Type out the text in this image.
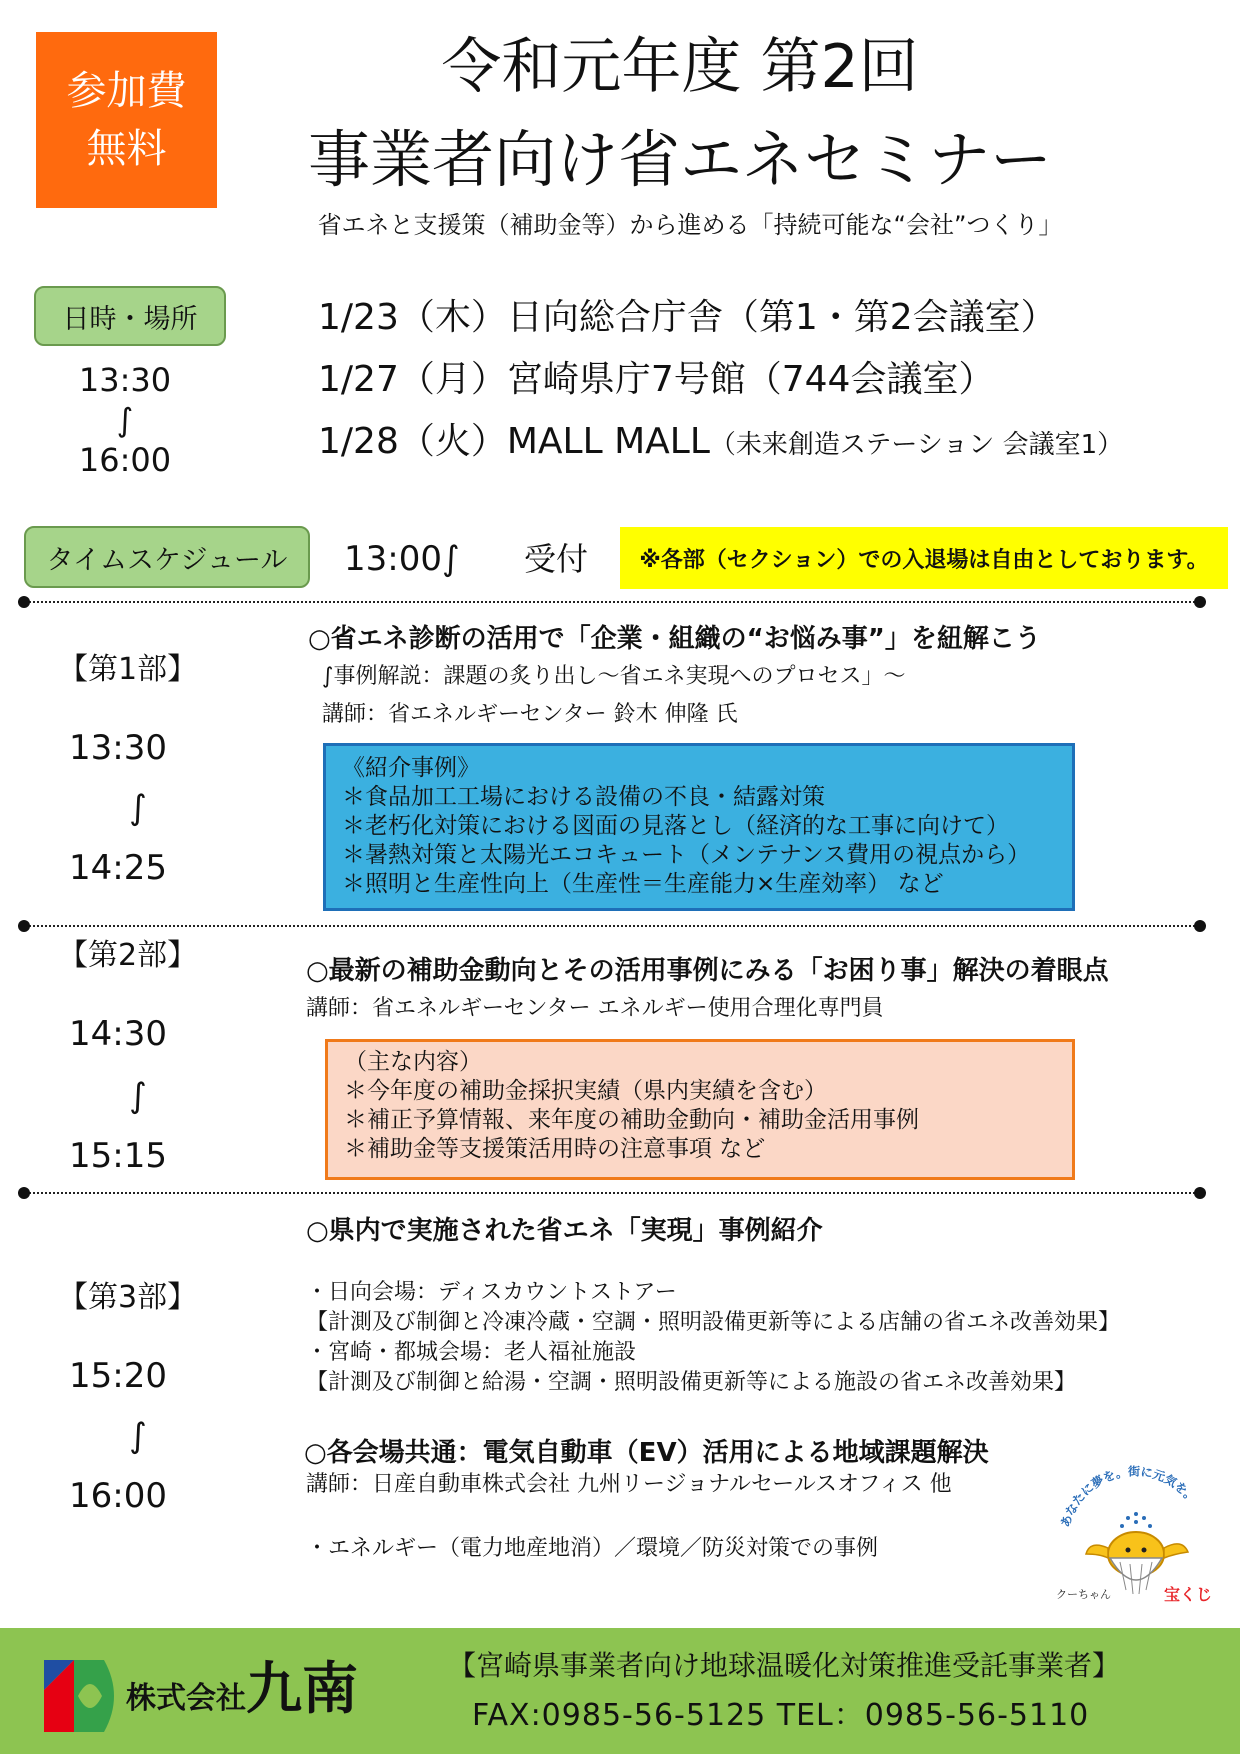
参加費
無料
令和元年度 第2回
事業者向け省エネセミナー
省エネと支援策（補助金等）から進める「持続可能な“会社”つくり」
日時・場所
13:30
∫
16:00
1/23（木）日向総合庁舎（第1・第2会議室）
1/27（月）宮崎県庁7号館（744会議室）
1/28（火）MALL MALL（未来創造ステーション 会議室1）
タイムスケジュール	13:00∫ 受付	※各部（セクション）での入退場は自由としております。
【第1部】
13:30
∫
14:25
○省エネ診断の活用で「企業・組織の“お悩み事”」を紐解こう
∫事例解説：課題の炙り出し～省エネ実現へのプロセス」～
講師：省エネルギーセンター 鈴木 伸隆 氏
《紹介事例》
＊食品加工工場における設備の不良・結露対策
＊老朽化対策における図面の見落とし（経済的な工事に向けて）
＊暑熱対策と太陽光エコキュート（メンテナンス費用の視点から）
＊照明と生産性向上（生産性＝生産能力×生産効率） など
【第2部】
14:30
∫
15:15
○最新の補助金動向とその活用事例にみる「お困り事」解決の着眼点
講師：省エネルギーセンター エネルギー使用合理化専門員
（主な内容）
＊今年度の補助金採択実績（県内実績を含む）
＊補正予算情報、来年度の補助金動向・補助金活用事例
＊補助金等支援策活用時の注意事項 など
【第3部】
15:20
∫
16:00
○県内で実施された省エネ「実現」事例紹介
・日向会場：ディスカウントストアー
【計測及び制御と冷凍冷蔵・空調・照明設備更新等による店舗の省エネ改善効果】
・宮崎・都城会場：老人福祉施設
【計測及び制御と給湯・空調・照明設備更新等による施設の省エネ改善効果】
○各会場共通：電気自動車（EV）活用による地域課題解決
講師：日産自動車株式会社 九州リージョナルセールスオフィス 他
・エネルギー（電力地産地消）／環境／防災対策での事例
あなたに夢を。街に元気を。
クーちゃん	宝くじ
株式会社九南	【宮崎県事業者向け地球温暖化対策推進受託事業者】
FAX:0985-56-5125 TEL：0985-56-5110
